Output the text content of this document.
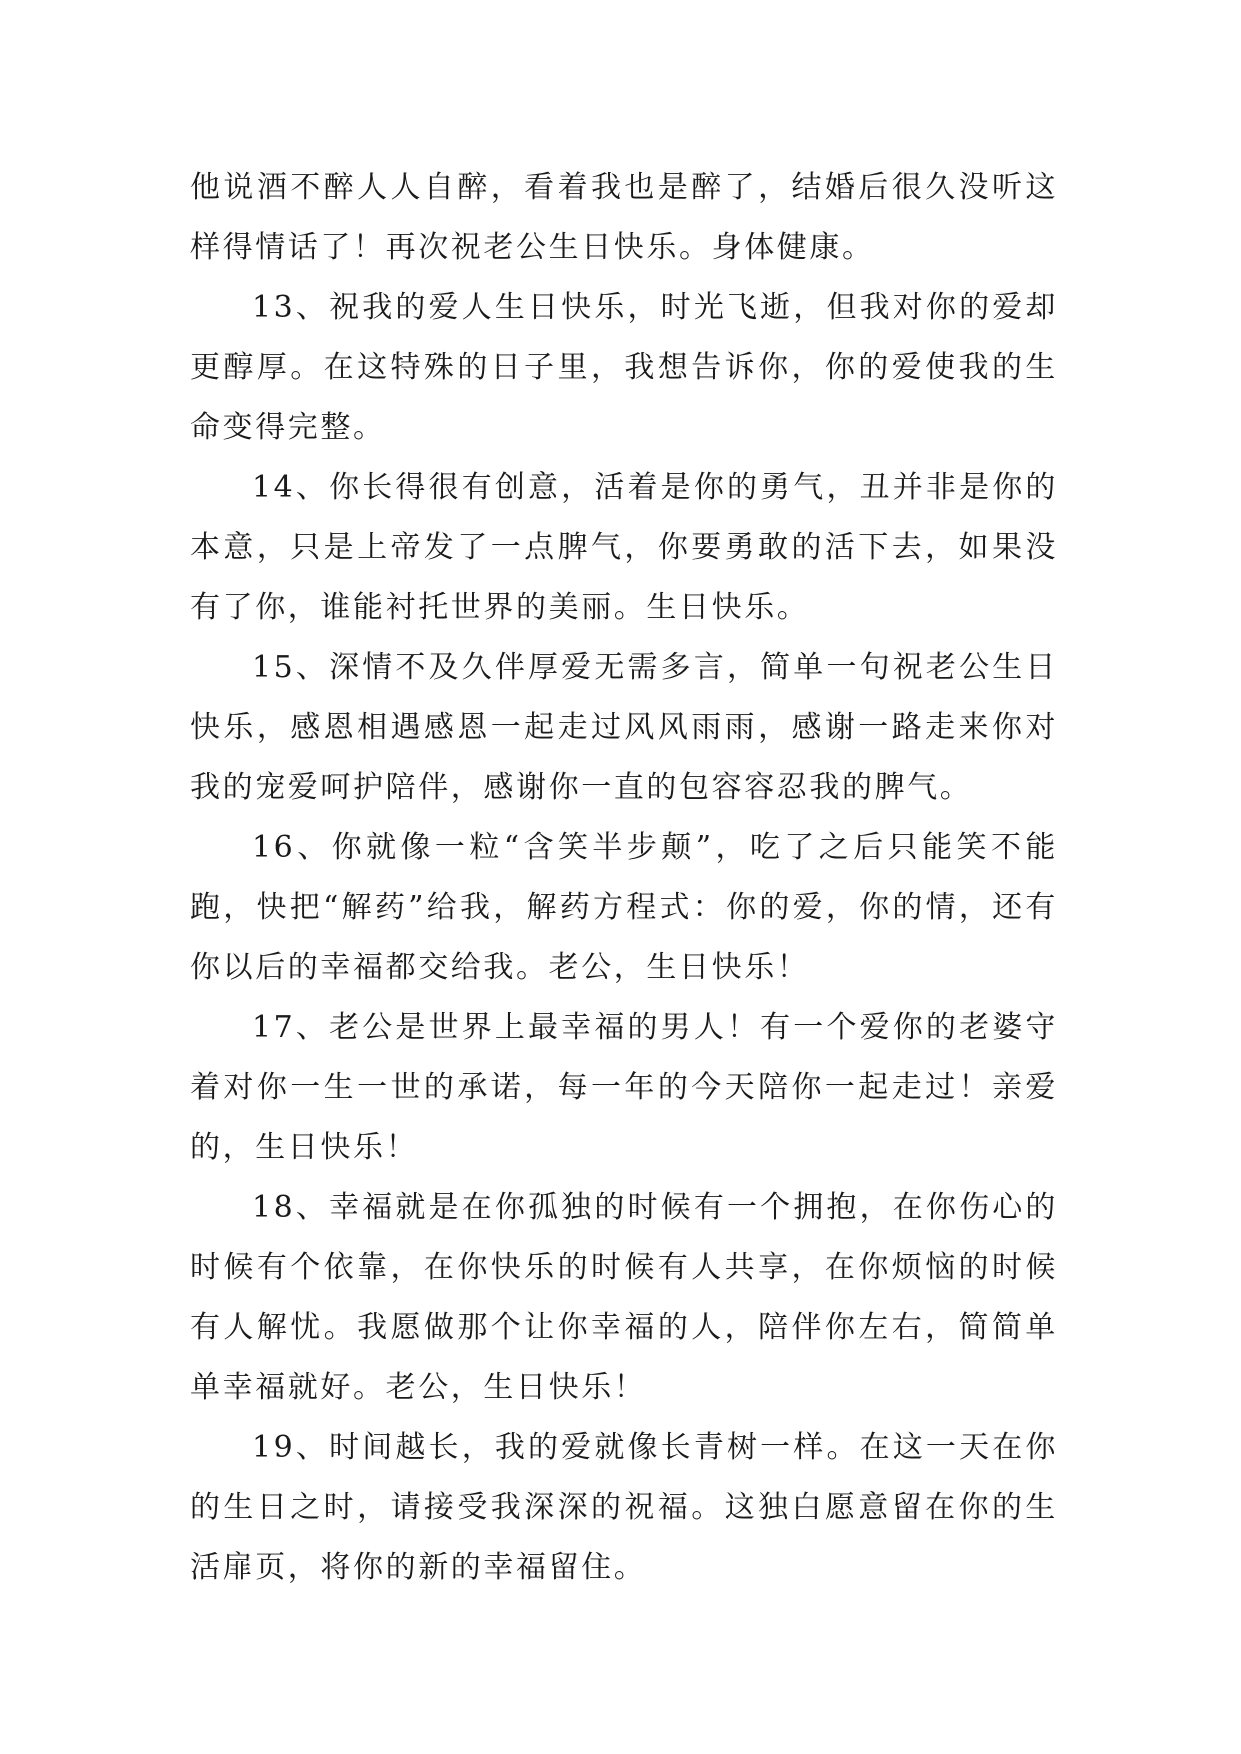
他说酒不醉人人自醉，看着我也是醉了，结婚后很久没听这样得情话了！再次祝老公生日快乐。身体健康。

13、祝我的爱人生日快乐，时光飞逝，但我对你的爱却更醇厚。在这特殊的日子里，我想告诉你，你的爱使我的生命变得完整。

14、你长得很有创意，活着是你的勇气，丑并非是你的本意，只是上帝发了一点脾气，你要勇敢的活下去，如果没有了你，谁能衬托世界的美丽。生日快乐。

15、深情不及久伴厚爱无需多言，简单一句祝老公生日快乐，感恩相遇感恩一起走过风风雨雨，感谢一路走来你对我的宠爱呵护陪伴，感谢你一直的包容容忍我的脾气。

16、你就像一粒“含笑半步颠”，吃了之后只能笑不能跑，快把“解药”给我，解药方程式：你的爱，你的情，还有你以后的幸福都交给我。老公，生日快乐！

17、老公是世界上最幸福的男人！有一个爱你的老婆守着对你一生一世的承诺，每一年的今天陪你一起走过！亲爱的，生日快乐！

18、幸福就是在你孤独的时候有一个拥抱，在你伤心的时候有个依靠，在你快乐的时候有人共享，在你烦恼的时候有人解忧。我愿做那个让你幸福的人，陪伴你左右，简简单单幸福就好。老公，生日快乐！

19、时间越长，我的爱就像长青树一样。在这一天在你的生日之时，请接受我深深的祝福。这独白愿意留在你的生活扉页，将你的新的幸福留住。
